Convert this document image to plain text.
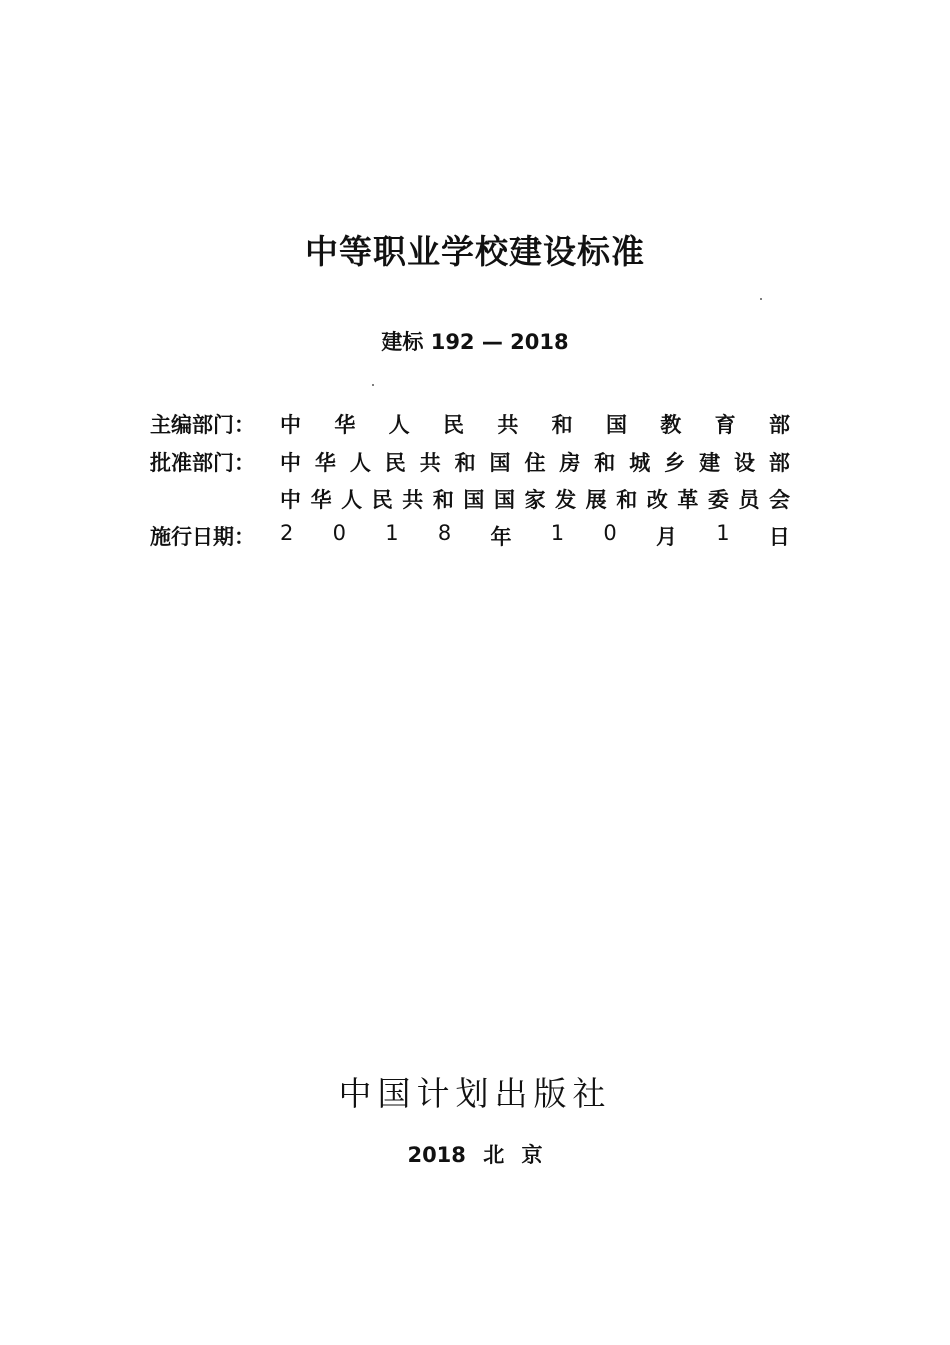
中等职业学校建设标准
建标 192 — 2018
主编部门：	中 华 人 民 共 和 国 教 育 部
批准部门：	中 华 人 民 共 和 国 住 房 和 城 乡 建 设 部
中 华 人 民 共 和 国 国 家 发 展 和 改 革 委 员 会
施行日期：	2 0 1 8 年 1 0 月 1 日
中国计划出版社
2018 北 京
